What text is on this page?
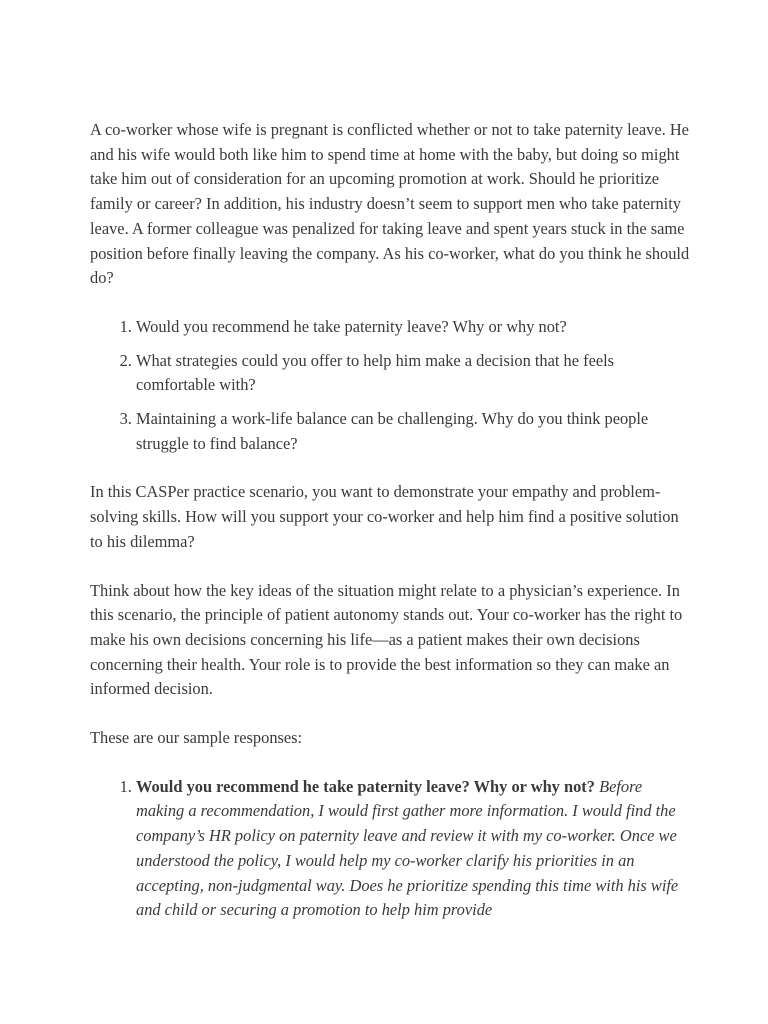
A co-worker whose wife is pregnant is conflicted whether or not to take paternity leave. He and his wife would both like him to spend time at home with the baby, but doing so might take him out of consideration for an upcoming promotion at work. Should he prioritize family or career? In addition, his industry doesn’t seem to support men who take paternity leave. A former colleague was penalized for taking leave and spent years stuck in the same position before finally leaving the company. As his co-worker, what do you think he should do?

1. Would you recommend he take paternity leave? Why or why not?
2. What strategies could you offer to help him make a decision that he feels comfortable with?
3. Maintaining a work-life balance can be challenging. Why do you think people struggle to find balance?

In this CASPer practice scenario, you want to demonstrate your empathy and problem-solving skills. How will you support your co-worker and help him find a positive solution to his dilemma?

Think about how the key ideas of the situation might relate to a physician’s experience. In this scenario, the principle of patient autonomy stands out. Your co-worker has the right to make his own decisions concerning his life—as a patient makes their own decisions concerning their health. Your role is to provide the best information so they can make an informed decision.

These are our sample responses:

1. Would you recommend he take paternity leave? Why or why not? Before making a recommendation, I would first gather more information. I would find the company’s HR policy on paternity leave and review it with my co-worker. Once we understood the policy, I would help my co-worker clarify his priorities in an accepting, non-judgmental way. Does he prioritize spending this time with his wife and child or securing a promotion to help him provide
